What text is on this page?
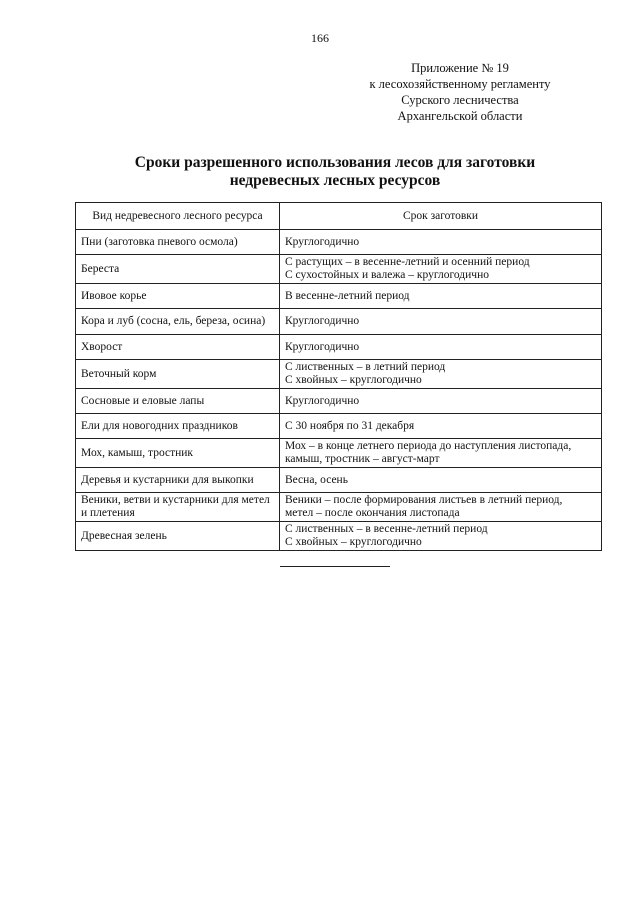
166
Приложение № 19
к лесохозяйственному регламенту
Сурского лесничества
Архангельской области
Сроки разрешенного использования лесов для заготовки
недревесных лесных ресурсов
Вид недревесного лесного ресурса	Срок заготовки
Пни (заготовка пневого осмола)	Круглогодично

Береста	С растущих – в весенне-летний и осенний период
С сухостойных и валежа – круглогодично

Ивовое корье	В весенне-летний период

Кора и луб (сосна, ель, береза, осина)	Круглогодично

Хворост	Круглогодично

Веточный корм	С лиственных – в летний период
С хвойных – круглогодично

Сосновые и еловые лапы	Круглогодично

Ели для новогодних праздников	С 30 ноября по 31 декабря

Мох, камыш, тростник	Мох – в конце летнего периода до наступления листопада,
камыш, тростник – август-март

Деревья и кустарники для выкопки	Весна, осень

Веники, ветви и кустарники для метел и плетения	Веники – после формирования листьев в летний период,
метел – после окончания листопада

Древесная зелень	С лиственных – в весенне-летний период
С хвойных – круглогодично
